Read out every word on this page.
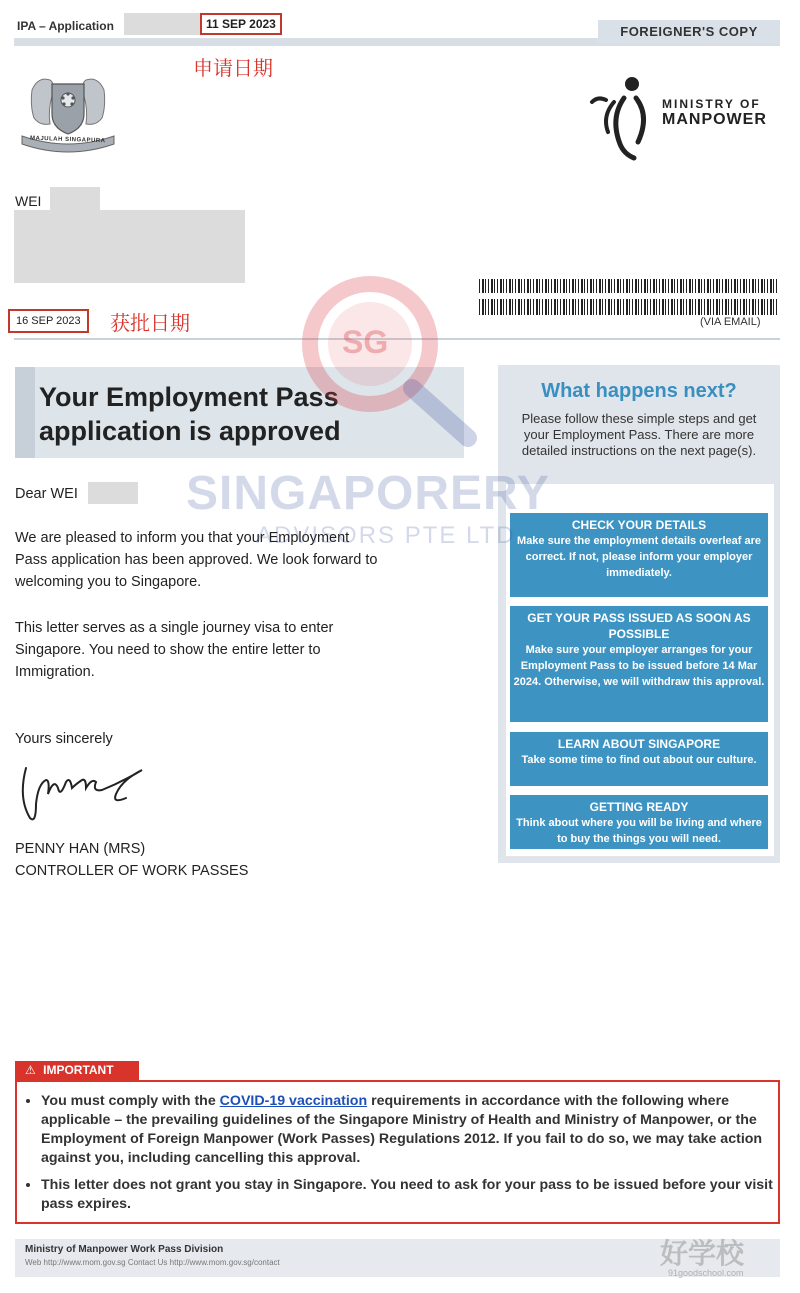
IPA – Application	11 SEP 2023
申请日期
FOREIGNER'S COPY
MAJULAH SINGAPURA
MINISTRY OF
MANPOWER
WEI
16 SEP 2023	获批日期	(VIA EMAIL)
Your Employment Pass
application is approved
Dear WEI
We are pleased to inform you that your Employment
Pass application has been approved. We look forward to
welcoming you to Singapore.
This letter serves as a single journey visa to enter
Singapore. You need to show the entire letter to
Immigration.
Yours sincerely
PENNY HAN (MRS)
CONTROLLER OF WORK PASSES
What happens next?
Please follow these simple steps and get your Employment Pass. There are more detailed instructions on the next page(s).
CHECK YOUR DETAILS
Make sure the employment details overleaf are correct. If not, please inform your employer immediately.
GET YOUR PASS ISSUED AS SOON AS POSSIBLE
Make sure your employer arranges for your Employment Pass to be issued before 14 Mar 2024. Otherwise, we will withdraw this approval.
LEARN ABOUT SINGAPORE
Take some time to find out about our culture.
GETTING READY
Think about where you will be living and where to buy the things you will need.
SG
SINGAPORERY
ADVISORS PTE LTD
⚠ IMPORTANT
• You must comply with the COVID-19 vaccination requirements in accordance with the following where applicable – the prevailing guidelines of the Singapore Ministry of Health and Ministry of Manpower, or the Employment of Foreign Manpower (Work Passes) Regulations 2012. If you fail to do so, we may take action against you, including cancelling this approval.
• This letter does not grant you stay in Singapore. You need to ask for your pass to be issued before your visit pass expires.
Ministry of Manpower Work Pass Division
Web http://www.mom.gov.sg Contact Us http://www.mom.gov.sg/contact	好学校
91goodschool.com
